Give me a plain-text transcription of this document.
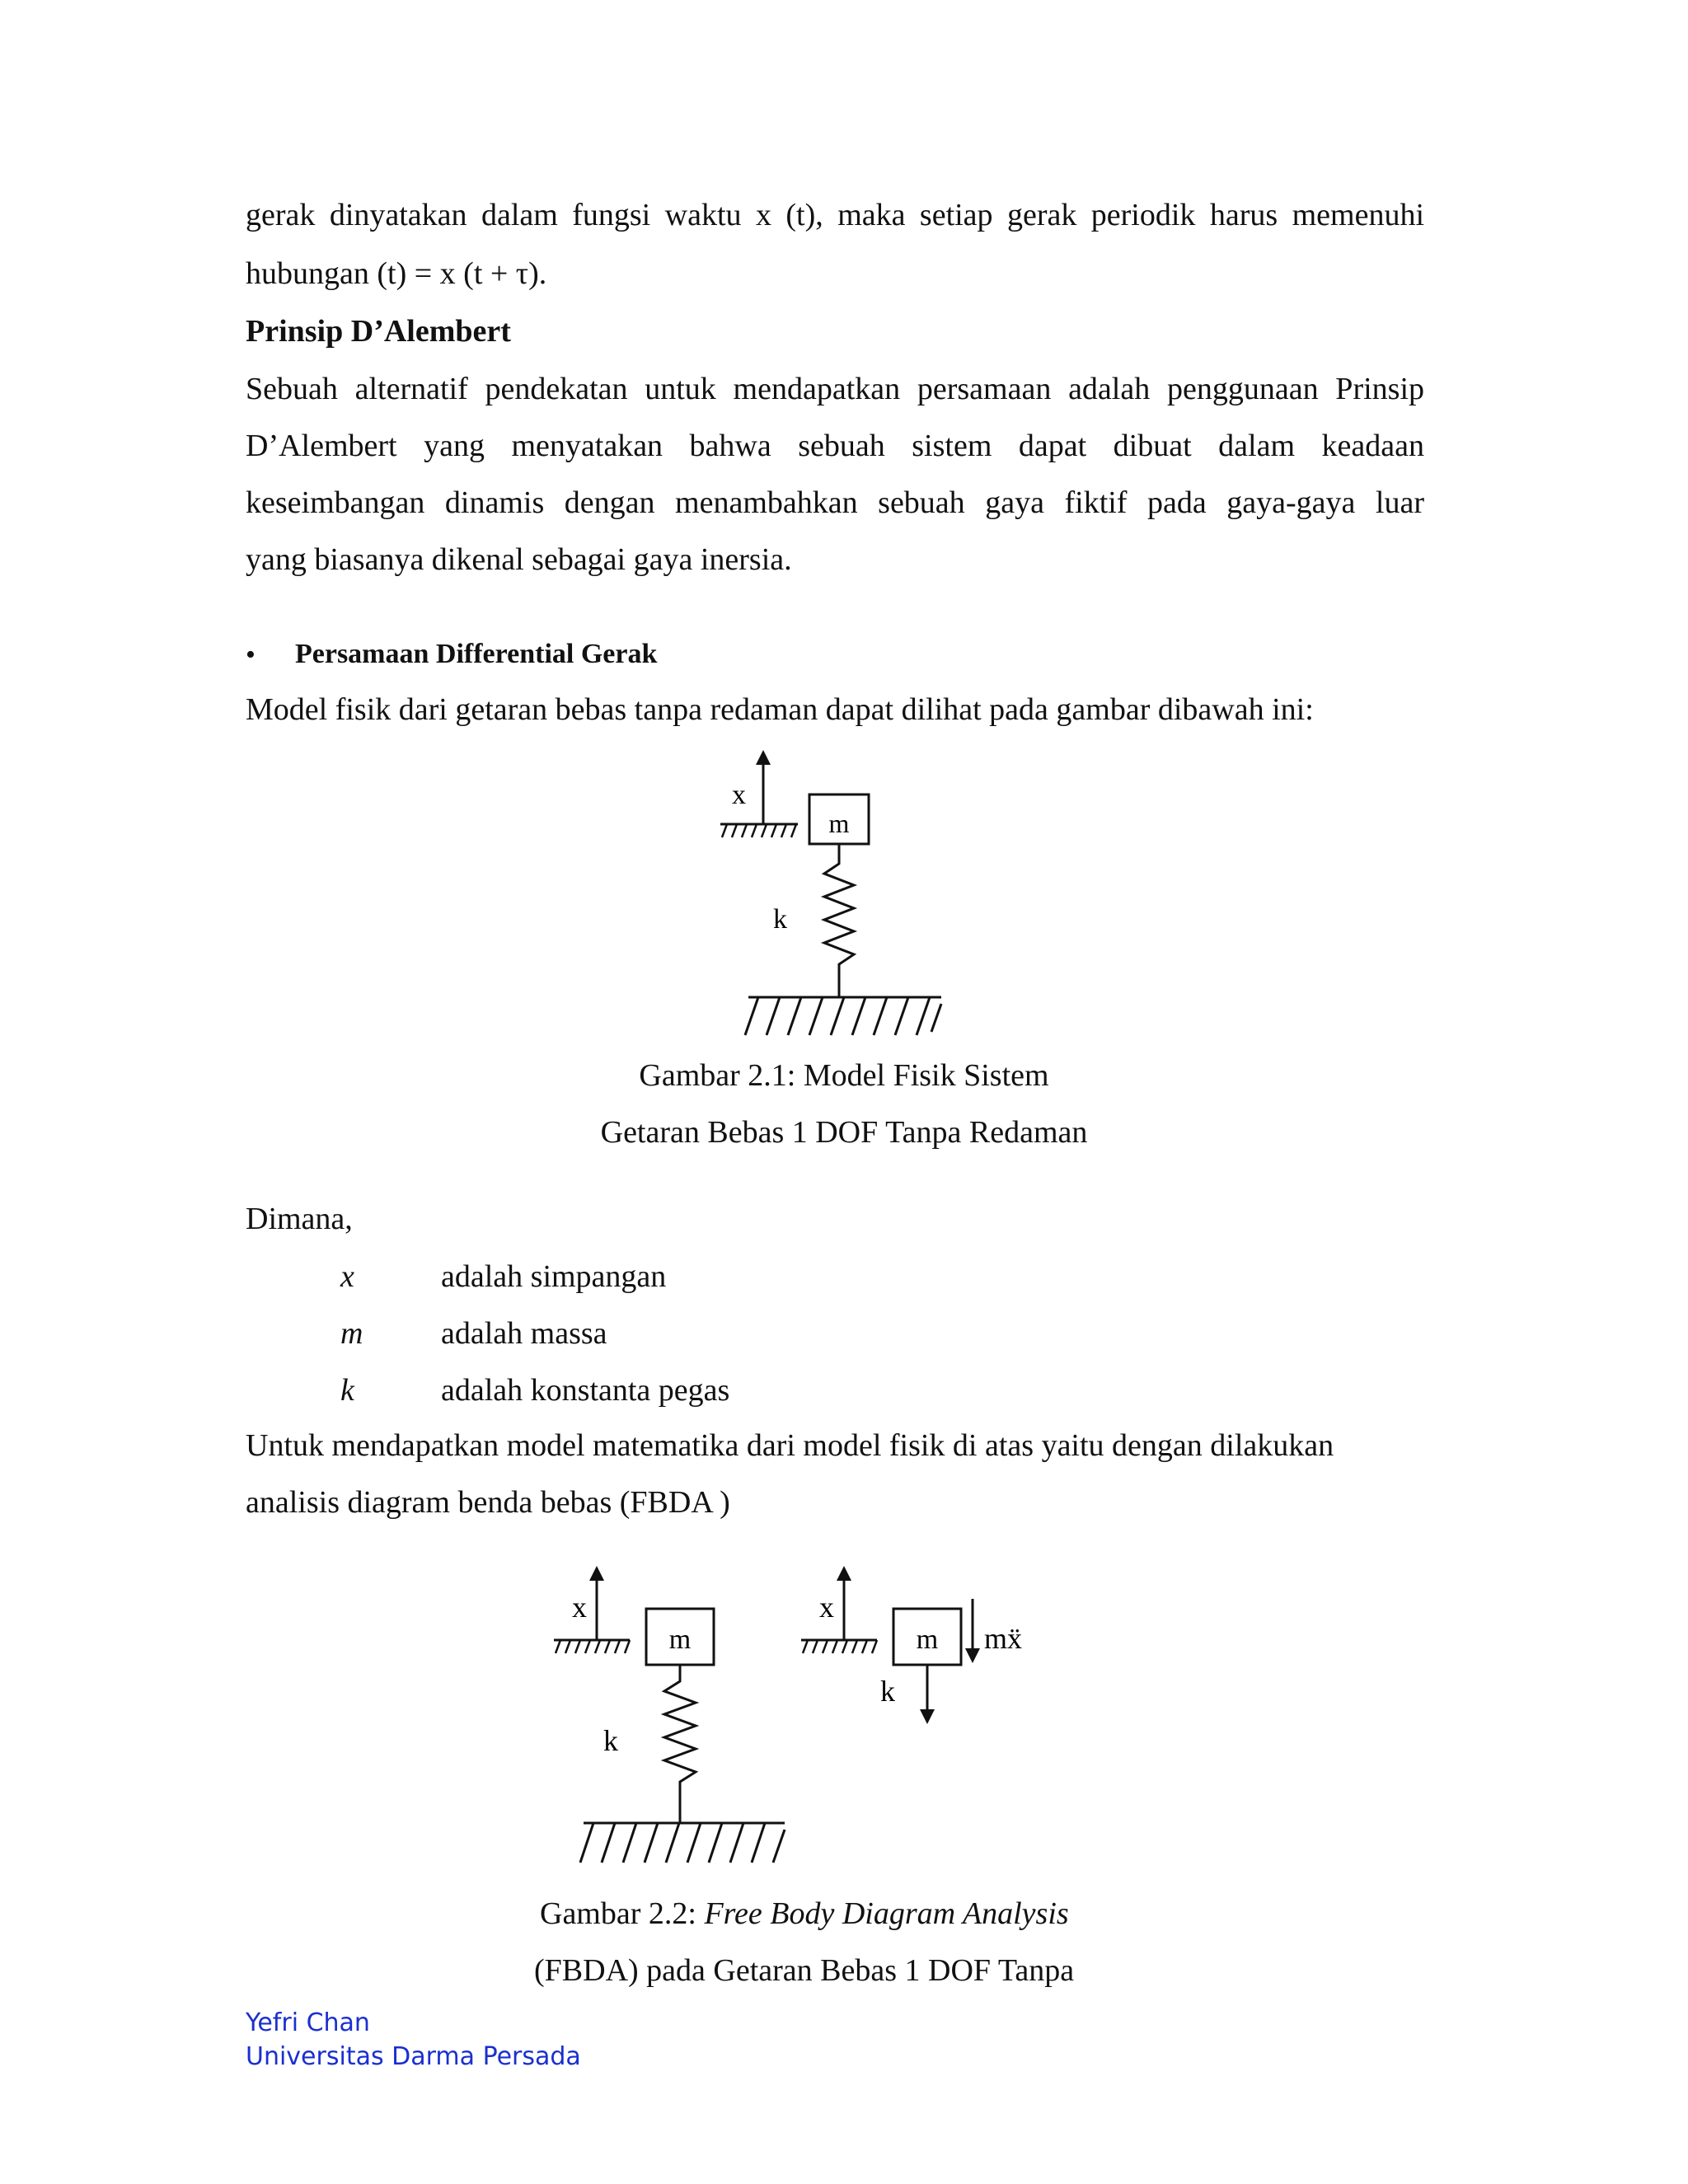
gerak dinyatakan dalam fungsi waktu x (t), maka setiap gerak periodik harus memenuhi
hubungan (t) = x (t + τ).
Prinsip D’Alembert
Sebuah alternatif pendekatan untuk mendapatkan persamaan adalah penggunaan Prinsip
D’Alembert yang menyatakan bahwa sebuah sistem dapat dibuat dalam keadaan
keseimbangan dinamis dengan menambahkan sebuah gaya fiktif pada gaya-gaya luar
yang biasanya dikenal sebagai gaya inersia.
• Persamaan Differential Gerak
Model fisik dari getaran bebas tanpa redaman dapat dilihat pada gambar dibawah ini:
x
m
k
Gambar 2.1: Model Fisik Sistem
Getaran Bebas 1 DOF Tanpa Redaman
Dimana,
x	adalah simpangan
m adalah massa
k	adalah konstanta pegas
Untuk mendapatkan model matematika dari model fisik di atas yaitu dengan dilakukan
analisis diagram benda bebas (FBDA )
x
m
k
x
m
k
mẍ
Gambar 2.2: Free Body Diagram Analysis
(FBDA) pada Getaran Bebas 1 DOF Tanpa
Yefri Chan
Universitas Darma Persada
